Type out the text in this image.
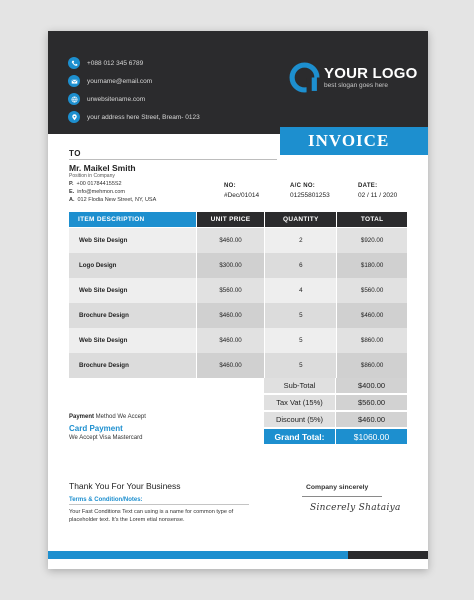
+088 012 345 6789
yourname@email.com
urwebsitename.com
your address here Street, Bream- 0123
YOUR LOGO
best slogan goes here
INVOICE
TO
Mr. Maikel Smith
Position in Company
P. +00 017844155S2
E. info@mehmon.com
A. 012 Flodia New Street, NY, USA
NO:
#Dec/01014
A/C NO:
01255801253
DATE:
02 / 11 / 2020
ITEM DESCRIPTION	UNIT PRICE	QUANTITY	TOTAL
Web Site Design	$460.00	2	$920.00
Logo Design	$300.00	6	$180.00
Web Site Design	$560.00	4	$560.00
Brochure Design	$460.00	5	$460.00
Web Site Design	$460.00	5	$860.00
Brochure Design	$460.00	5	$860.00
Sub-Total	$400.00
Tax Vat (15%)	$560.00
Discount (5%)	$460.00
Grand Total:	$1060.00
Payment Method We Accept
Card Payment
We Accept Visa Mastercard
Thank You For Your Business
Terms & Condition/Notes:
Your Fast Conditions Text can using is a name for common type of placeholder text. It's the Lorem etial nonsense.
Company sincerely
Sincerely Shataiya
